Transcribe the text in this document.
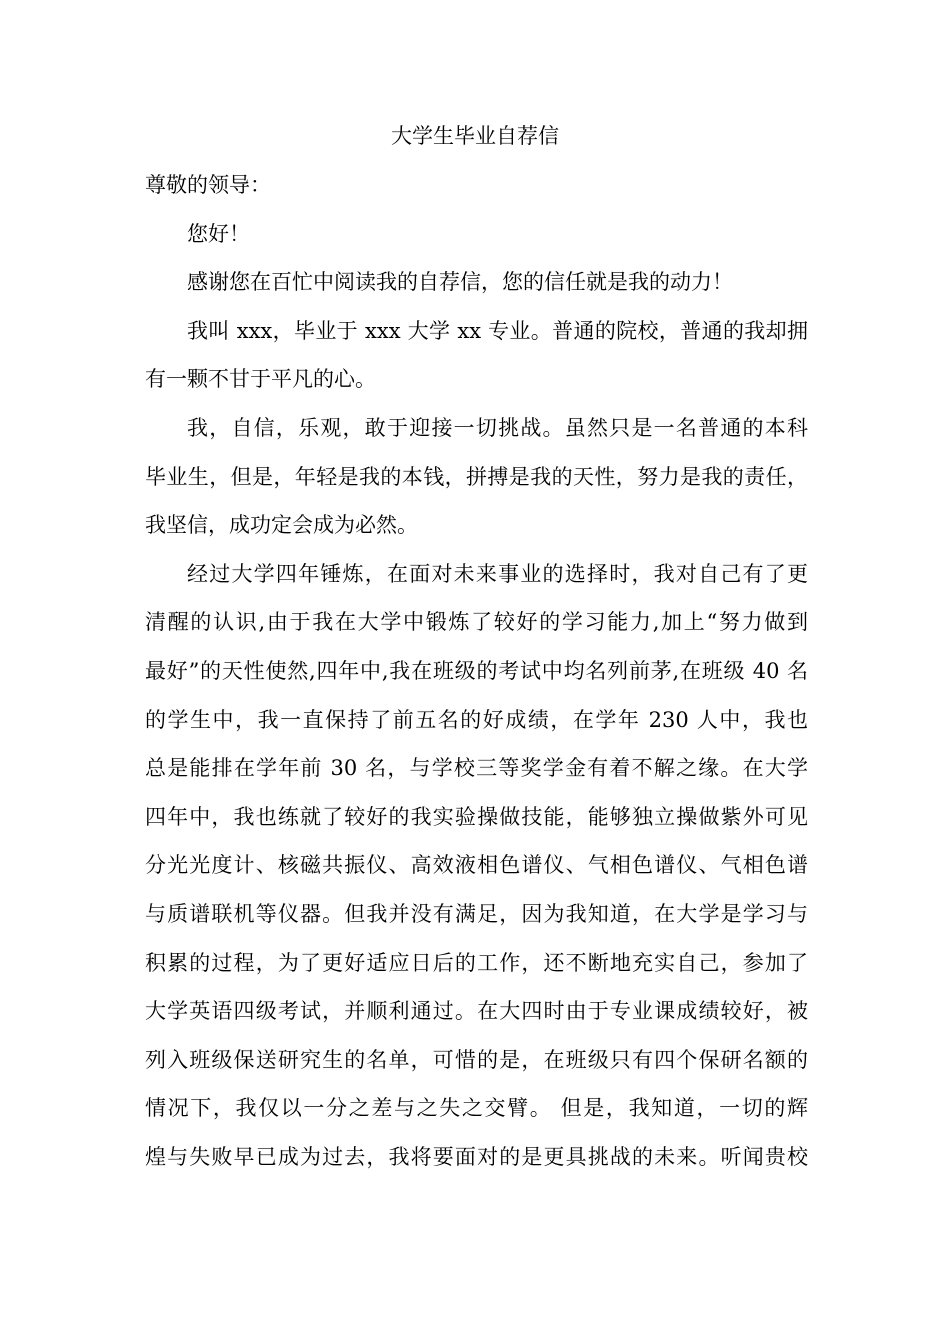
大学生毕业自荐信
尊敬的领导：
您好！
感谢您在百忙中阅读我的自荐信，您的信任就是我的动力！
我叫 xxx，毕业于 xxx 大学 xx 专业。普通的院校，普通的我却拥
有一颗不甘于平凡的心。
我，自信，乐观，敢于迎接一切挑战。虽然只是一名普通的本科
毕业生，但是，年轻是我的本钱，拼搏是我的天性，努力是我的责任，
我坚信，成功定会成为必然。
经过大学四年锤炼，在面对未来事业的选择时，我对自己有了更
清醒的认识,由于我在大学中锻炼了较好的学习能力,加上“努力做到
最好”的天性使然,四年中,我在班级的考试中均名列前茅,在班级 40 名
的学生中，我一直保持了前五名的好成绩，在学年 230 人中，我也
总是能排在学年前 30 名，与学校三等奖学金有着不解之缘。在大学
四年中，我也练就了较好的我实验操做技能，能够独立操做紫外可见
分光光度计、核磁共振仪、高效液相色谱仪、气相色谱仪、气相色谱
与质谱联机等仪器。但我并没有满足，因为我知道，在大学是学习与
积累的过程，为了更好适应日后的工作，还不断地充实自己，参加了
大学英语四级考试，并顺利通过。在大四时由于专业课成绩较好，被
列入班级保送研究生的名单，可惜的是，在班级只有四个保研名额的
情况下，我仅以一分之差与之失之交臂。 但是，我知道，一切的辉
煌与失败早已成为过去，我将要面对的是更具挑战的未来。听闻贵校
